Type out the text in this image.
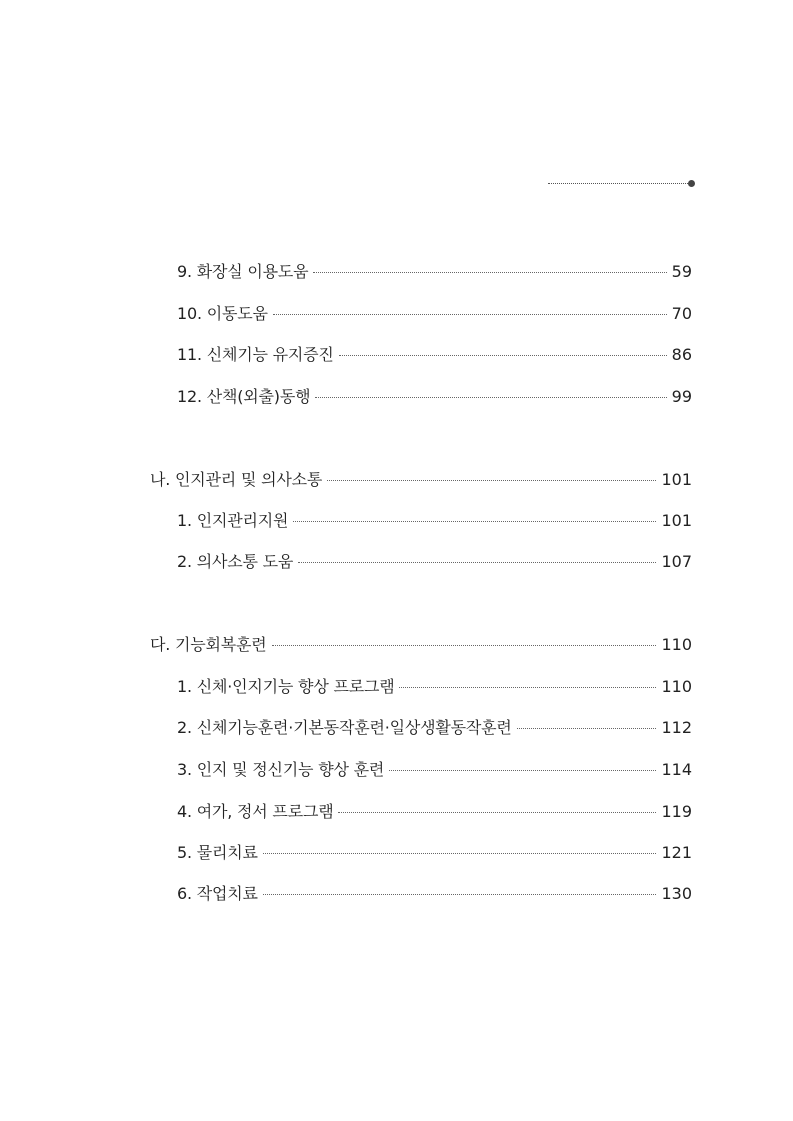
9. 화장실 이용도움	59
10. 이동도움	70
11. 신체기능 유지증진	86
12. 산책(외출)동행	99
나. 인지관리 및 의사소통	101
1. 인지관리지원	101
2. 의사소통 도움	107
다. 기능회복훈련	110
1. 신체·인지기능 향상 프로그램	110
2. 신체기능훈련·기본동작훈련·일상생활동작훈련	112
3. 인지 및 정신기능 향상 훈련	114
4. 여가, 정서 프로그램	119
5. 물리치료	121
6. 작업치료	130
